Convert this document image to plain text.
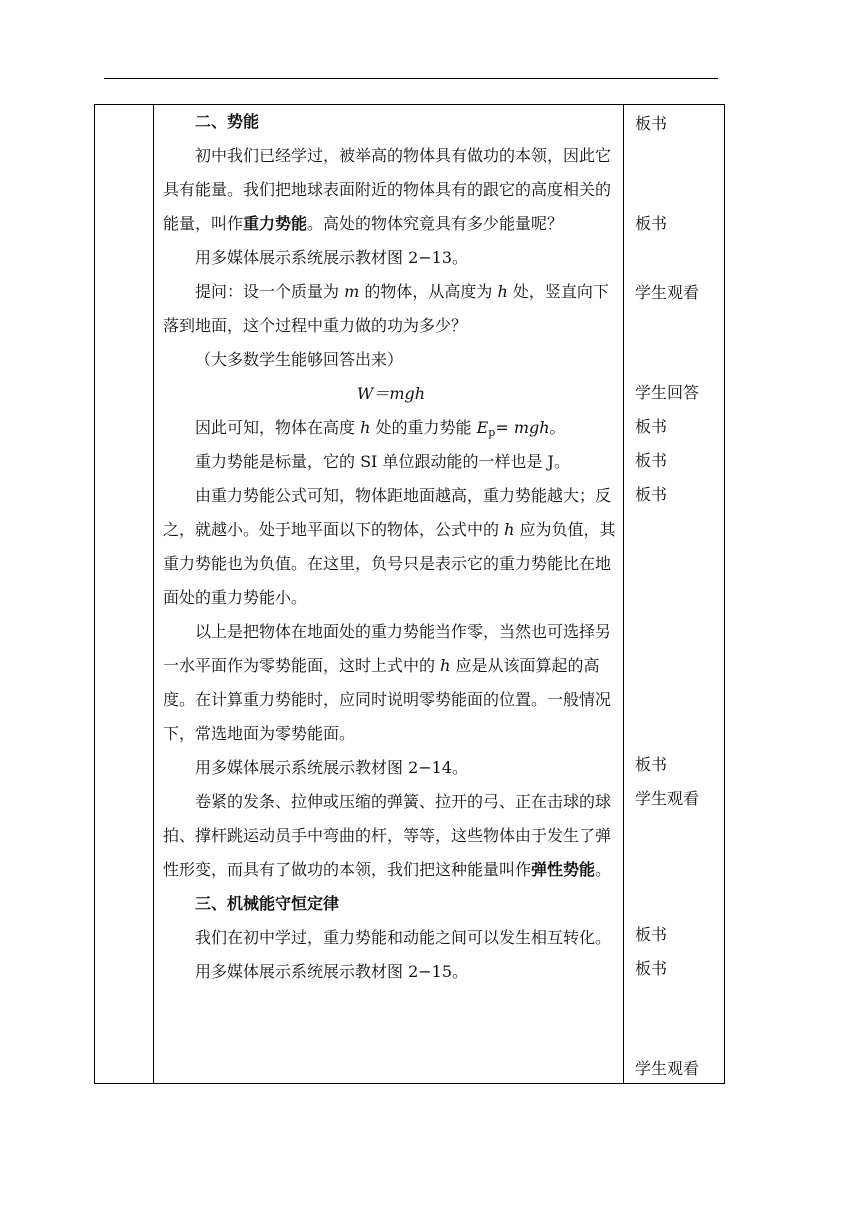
二、势能

初中我们已经学过，被举高的物体具有做功的本领，因此它具有能量。我们把地球表面附近的物体具有的跟它的高度相关的能量，叫作重力势能。高处的物体究竟具有多少能量呢？

用多媒体展示系统展示教材图 2−13。

提问：设一个质量为 m 的物体，从高度为 h 处，竖直向下落到地面，这个过程中重力做的功为多少？

（大多数学生能够回答出来）

W＝mgh

因此可知，物体在高度 h 处的重力势能 $E_p=$ mgh。

重力势能是标量，它的 SI 单位跟动能的一样也是 J。

由重力势能公式可知，物体距地面越高，重力势能越大；反之，就越小。处于地平面以下的物体，公式中的 h 应为负值，其重力势能也为负值。在这里，负号只是表示它的重力势能比在地面处的重力势能小。

以上是把物体在地面处的重力势能当作零，当然也可选择另一水平面作为零势能面，这时上式中的 h 应是从该面算起的高度。在计算重力势能时，应同时说明零势能面的位置。一般情况下，常选地面为零势能面。

用多媒体展示系统展示教材图 2−14。

卷紧的发条、拉伸或压缩的弹簧、拉开的弓、正在击球的球拍、撑杆跳运动员手中弯曲的杆，等等，这些物体由于发生了弹性形变，而具有了做功的本领，我们把这种能量叫作弹性势能。

三、机械能守恒定律

我们在初中学过，重力势能和动能之间可以发生相互转化。

用多媒体展示系统展示教材图 2−15。

板书
板书
学生观看
学生回答
板书
板书
板书
板书
学生观看
板书
板书
学生观看
